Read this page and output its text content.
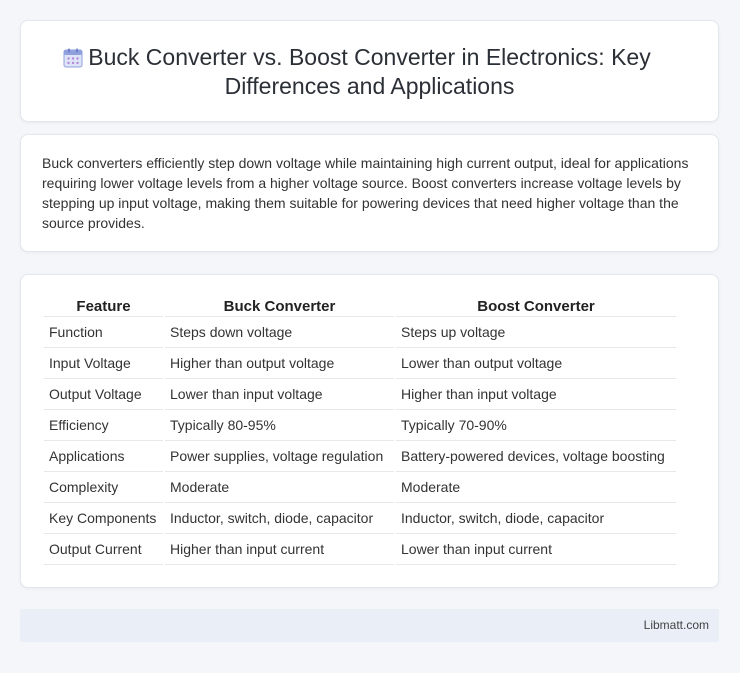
Buck Converter vs. Boost Converter in Electronics: Key Differences and Applications

Buck converters efficiently step down voltage while maintaining high current output, ideal for applications requiring lower voltage levels from a higher voltage source. Boost converters increase voltage levels by stepping up input voltage, making them suitable for powering devices that need higher voltage than the source provides.

Feature	Buck Converter	Boost Converter
Function	Steps down voltage	Steps up voltage
Input Voltage	Higher than output voltage	Lower than output voltage
Output Voltage	Lower than input voltage	Higher than input voltage
Efficiency	Typically 80-95%	Typically 70-90%
Applications	Power supplies, voltage regulation	Battery-powered devices, voltage boosting
Complexity	Moderate	Moderate
Key Components	Inductor, switch, diode, capacitor	Inductor, switch, diode, capacitor
Output Current	Higher than input current	Lower than input current
Libmatt.com
